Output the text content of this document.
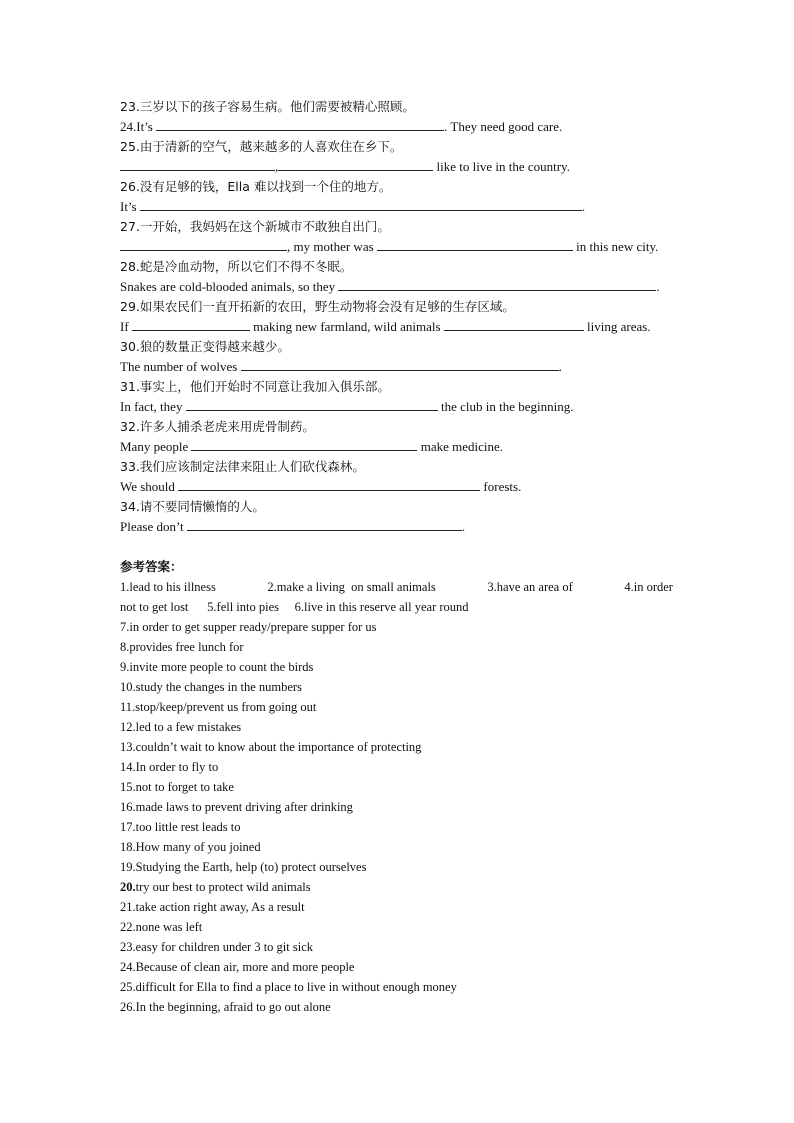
23.三岁以下的孩子容易生病。他们需要被精心照顾。
24.It’s	. They need good care.
25.由于清新的空气，越来越多的人喜欢住在乡下。
,	like to live in the country.
26.没有足够的钱，Ella 难以找到一个住的地方。
It’s	.
27.一开始，我妈妈在这个新城市不敢独自出门。
, my mother was	in this new city.
28.蛇是冷血动物，所以它们不得不冬眠。
Snakes are cold-blooded animals, so they	.
29.如果农民们一直开拓新的农田，野生动物将会没有足够的生存区域。
If	making new farmland, wild animals	living areas.
30.狼的数量正变得越来越少。
The number of wolves	.
31.事实上，他们开始时不同意让我加入俱乐部。
In fact, they	the club in the beginning.
32.许多人捕杀老虎来用虎骨制药。
Many people	make medicine.
33.我们应该制定法律来阻止人们砍伐森林。
We should	forests.
34.请不要同情懒惰的人。
Please don’t	.
参考答案：
1.lead to his illness	2.make a living  on small animals	3.have an area of	4.in order
not to get lost      5.fell into pies     6.live in this reserve all year round
7.in order to get supper ready/prepare supper for us
8.provides free lunch for
9.invite more people to count the birds
10.study the changes in the numbers
11.stop/keep/prevent us from going out
12.led to a few mistakes
13.couldn’t wait to know about the importance of protecting
14.In order to fly to
15.not to forget to take
16.made laws to prevent driving after drinking
17.too little rest leads to
18.How many of you joined
19.Studying the Earth, help (to) protect ourselves
20.try our best to protect wild animals
21.take action right away, As a result
22.none was left
23.easy for children under 3 to git sick
24.Because of clean air, more and more people
25.difficult for Ella to find a place to live in without enough money
26.In the beginning, afraid to go out alone
